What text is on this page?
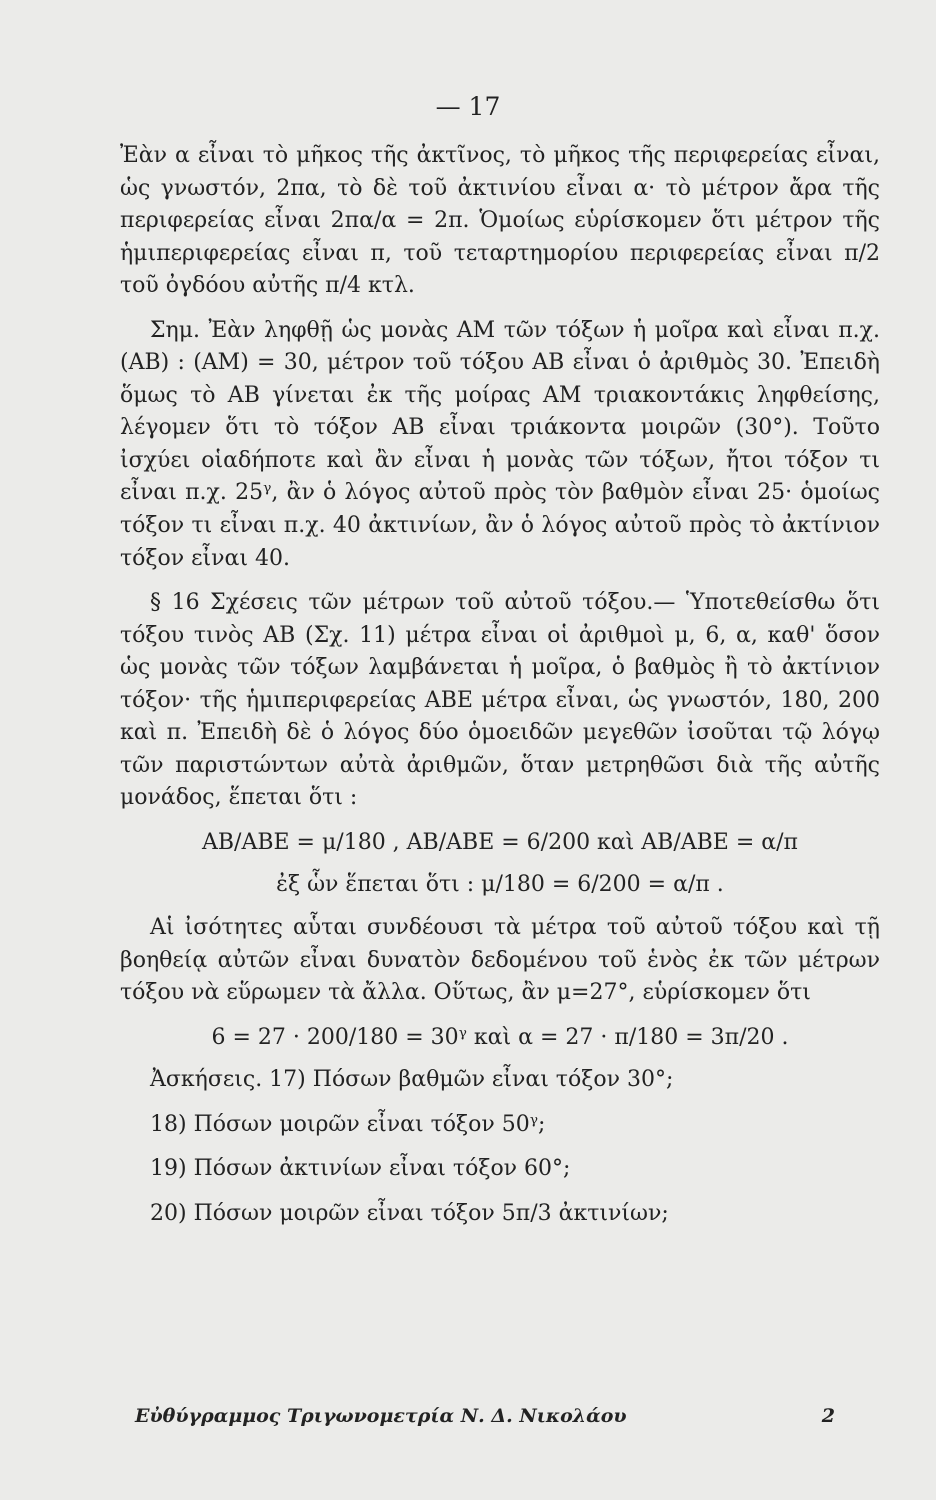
— 17

Ἐὰν α εἶναι τὸ μῆκος τῆς ἀκτῖνος, τὸ μῆκος τῆς περιφερείας εἶναι, ὡς γνωστόν, 2πα, τὸ δὲ τοῦ ἀκτινίου εἶναι α· τὸ μέτρον ἄρα τῆς περιφερείας εἶναι 2πα/α = 2π. Ὁμοίως εὑρίσκομεν ὅτι μέτρον τῆς ἡμιπεριφερείας εἶναι π, τοῦ τεταρτημορίου περιφερείας εἶναι π/2 τοῦ ὀγδόου αὐτῆς π/4 κτλ.

Σημ. Ἐὰν ληφθῇ ὡς μονὰς ΑΜ τῶν τόξων ἡ μοῖρα καὶ εἶναι π.χ. (ΑΒ) : (ΑΜ) = 30, μέτρον τοῦ τόξου ΑΒ εἶναι ὁ ἀριθμὸς 30. Ἐπειδὴ ὅμως τὸ ΑΒ γίνεται ἐκ τῆς μοίρας ΑΜ τριακοντάκις ληφθείσης, λέγομεν ὅτι τὸ τόξον ΑΒ εἶναι τριάκοντα μοιρῶν (30°). Τοῦτο ἰσχύει οἱαδήποτε καὶ ἂν εἶναι ἡ μονὰς τῶν τόξων, ἤτοι τόξον τι εἶναι π.χ. 25ᵞ, ἂν ὁ λόγος αὐτοῦ πρὸς τὸν βαθμὸν εἶναι 25· ὁμοίως τόξον τι εἶναι π.χ. 40 ἀκτινίων, ἂν ὁ λόγος αὐτοῦ πρὸς τὸ ἀκτίνιον τόξον εἶναι 40.

§ 16 Σχέσεις τῶν μέτρων τοῦ αὐτοῦ τόξου.— Ὑποτεθείσθω ὅτι τόξου τινὸς ΑΒ (Σχ. 11) μέτρα εἶναι οἱ ἀριθμοὶ μ, 6, α, καθ' ὅσον ὡς μονὰς τῶν τόξων λαμβάνεται ἡ μοῖρα, ὁ βαθμὸς ἢ τὸ ἀκτίνιον τόξον· τῆς ἡμιπεριφερείας ΑΒΕ μέτρα εἶναι, ὡς γνωστόν, 180, 200 καὶ π. Ἐπειδὴ δὲ ὁ λόγος δύο ὁμοειδῶν μεγεθῶν ἰσοῦται τῷ λόγῳ τῶν παριστώντων αὐτὰ ἀριθμῶν, ὅταν μετρηθῶσι διὰ τῆς αὐτῆς μονάδος, ἕπεται ὅτι :

ΑΒ/ΑΒΕ = μ/180 , ΑΒ/ΑΒΕ = 6/200 καὶ ΑΒ/ΑΒΕ = α/π
ἐξ ὧν ἕπεται ὅτι : μ/180 = 6/200 = α/π .

Αἱ ἰσότητες αὗται συνδέουσι τὰ μέτρα τοῦ αὐτοῦ τόξου καὶ τῇ βοηθείᾳ αὐτῶν εἶναι δυνατὸν δεδομένου τοῦ ἑνὸς ἐκ τῶν μέτρων τόξου νὰ εὕρωμεν τὰ ἄλλα. Οὕτως, ἂν μ=27°, εὑρίσκομεν ὅτι

6 = 27 · 200/180 = 30ᵞ καὶ α = 27 · π/180 = 3π/20 .

Ἀσκήσεις. 17) Πόσων βαθμῶν εἶναι τόξον 30°;

18) Πόσων μοιρῶν εἶναι τόξον 50ᵞ;

19) Πόσων ἀκτινίων εἶναι τόξον 60°;

20) Πόσων μοιρῶν εἶναι τόξον 5π/3 ἀκτινίων;

Εὐθύγραμμος Τριγωνομετρία Ν. Δ. Νικολάου	2
